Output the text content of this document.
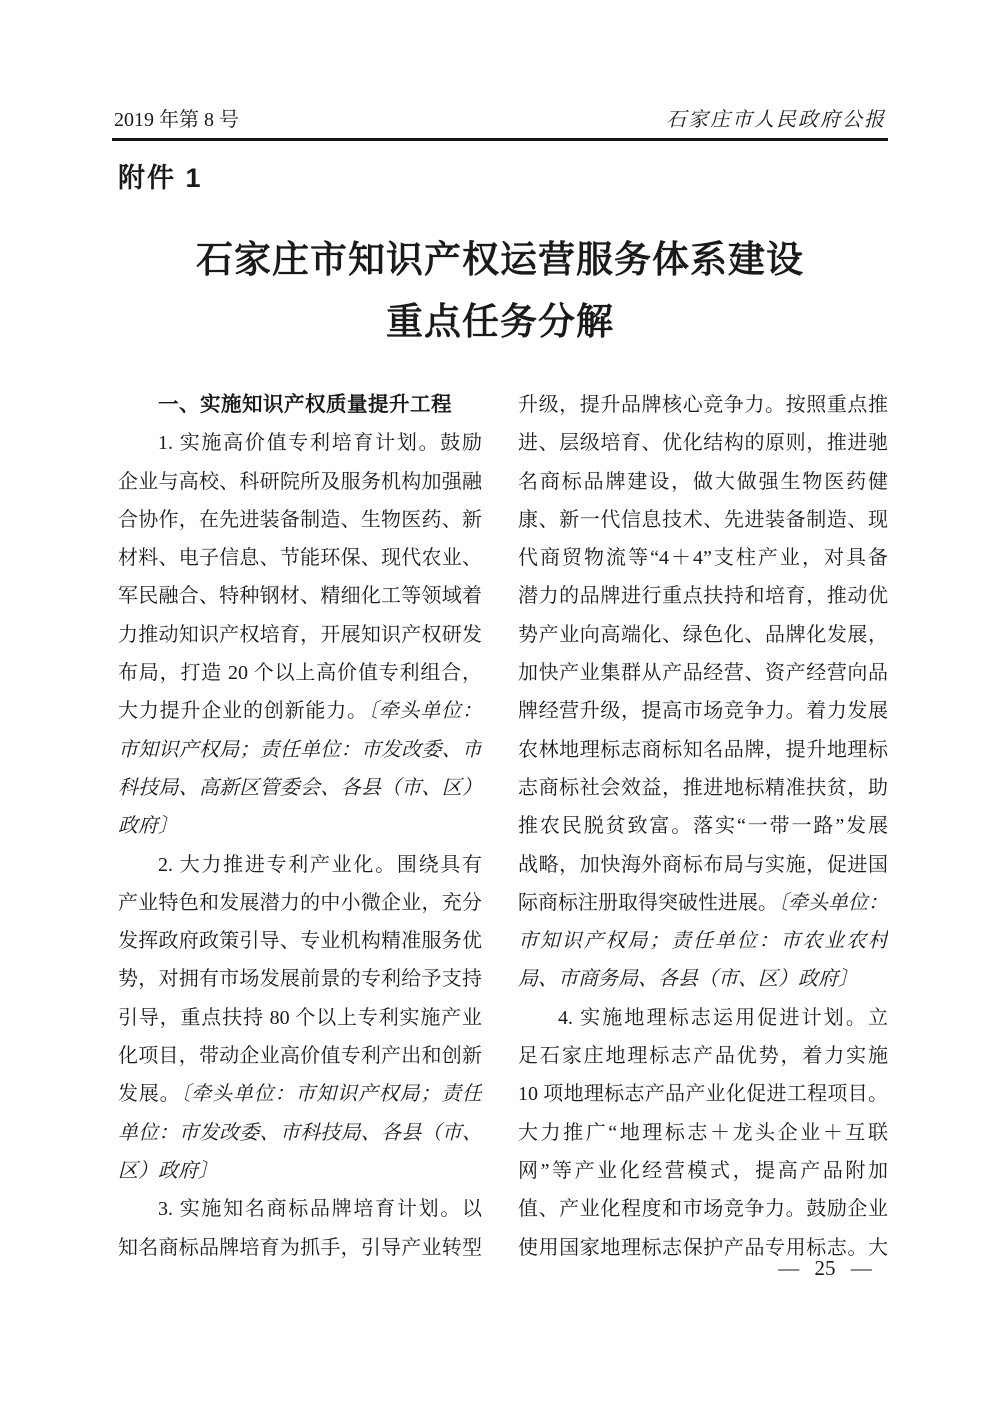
2019 年第 8 号	石家庄市人民政府公报
附件 1
石家庄市知识产权运营服务体系建设
重点任务分解
一、实施知识产权质量提升工程
1. 实施高价值专利培育计划。鼓励
企业与高校、科研院所及服务机构加强融
合协作，在先进装备制造、生物医药、新
材料、电子信息、节能环保、现代农业、
军民融合、特种钢材、精细化工等领域着
力推动知识产权培育，开展知识产权研发
布局，打造 20 个以上高价值专利组合，
大力提升企业的创新能力。〔牵头单位：
市知识产权局；责任单位：市发改委、市
科技局、高新区管委会、各县（市、区）
政府〕
2. 大力推进专利产业化。围绕具有
产业特色和发展潜力的中小微企业，充分
发挥政府政策引导、专业机构精准服务优
势，对拥有市场发展前景的专利给予支持
引导，重点扶持 80 个以上专利实施产业
化项目，带动企业高价值专利产出和创新
发展。〔牵头单位：市知识产权局；责任
单位：市发改委、市科技局、各县（市、
区）政府〕
3. 实施知名商标品牌培育计划。以
知名商标品牌培育为抓手，引导产业转型
升级，提升品牌核心竞争力。按照重点推
进、层级培育、优化结构的原则，推进驰
名商标品牌建设，做大做强生物医药健
康、新一代信息技术、先进装备制造、现
代商贸物流等“4＋4”支柱产业，对具备
潜力的品牌进行重点扶持和培育，推动优
势产业向高端化、绿色化、品牌化发展，
加快产业集群从产品经营、资产经营向品
牌经营升级，提高市场竞争力。着力发展
农林地理标志商标知名品牌，提升地理标
志商标社会效益，推进地标精准扶贫，助
推农民脱贫致富。落实“一带一路”发展
战略，加快海外商标布局与实施，促进国
际商标注册取得突破性进展。〔牵头单位：
市知识产权局；责任单位：市农业农村
局、市商务局、各县（市、区）政府〕
4. 实施地理标志运用促进计划。立
足石家庄地理标志产品优势，着力实施
10 项地理标志产品产业化促进工程项目。
大力推广“地理标志＋龙头企业＋互联
网”等产业化经营模式，提高产品附加
值、产业化程度和市场竞争力。鼓励企业
使用国家地理标志保护产品专用标志。大
— 25 —
